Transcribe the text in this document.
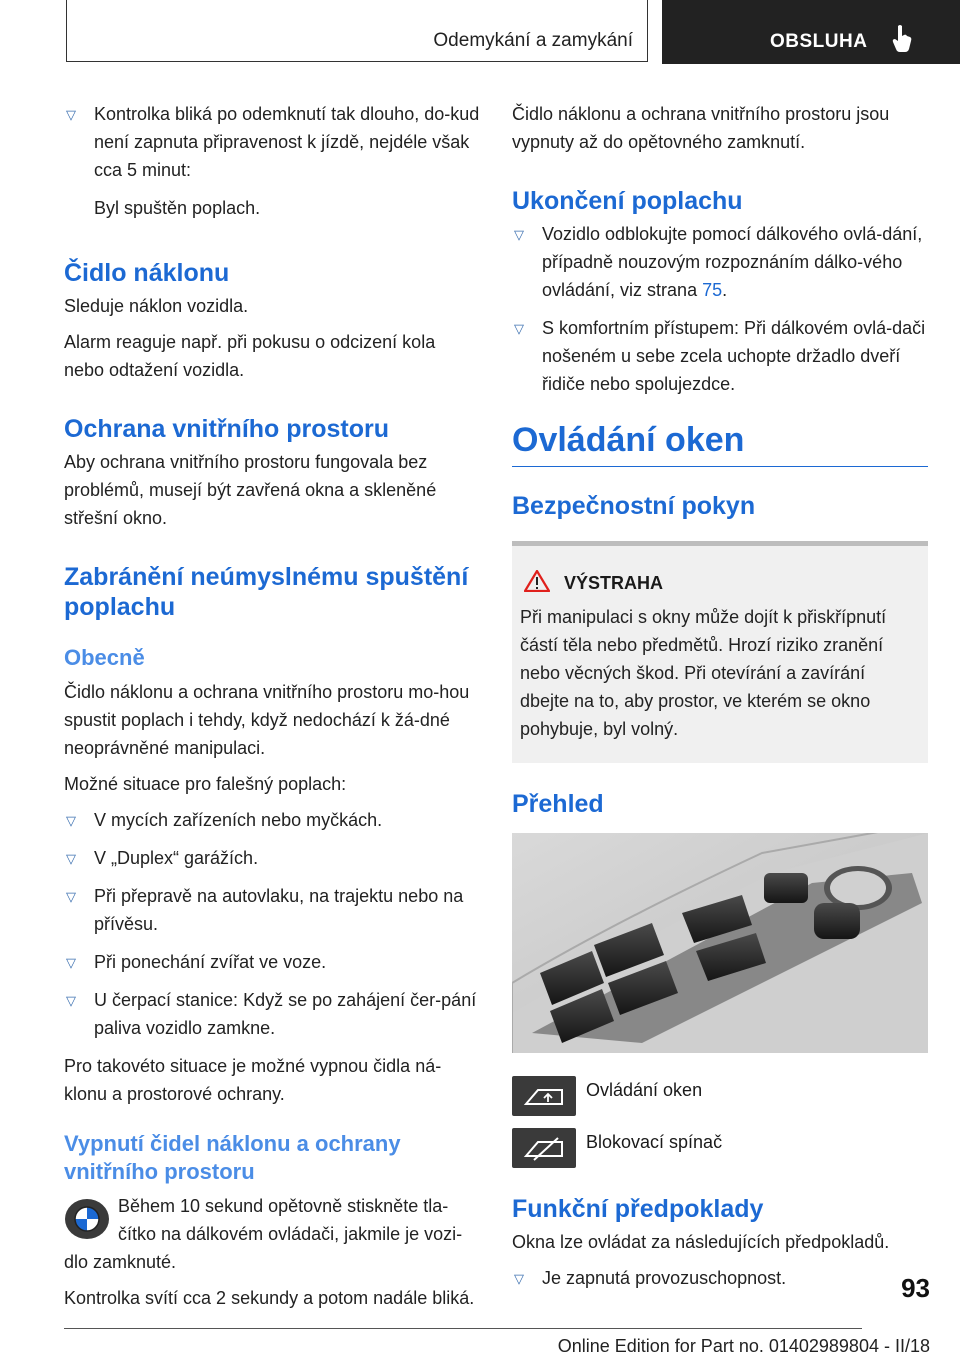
Odemykání a zamykání	OBSLUHA
▽ Kontrolka bliká po odemknutí tak dlouho, do-kud není zapnuta připravenost k jízdě, nejdéle však cca 5 minut:
Byl spuštěn poplach.
Čidlo náklonu
Sleduje náklon vozidla.
Alarm reaguje např. při pokusu o odcizení kola nebo odtažení vozidla.
Ochrana vnitřního prostoru
Aby ochrana vnitřního prostoru fungovala bez problémů, musejí být zavřená okna a skleněné střešní okno.
Zabránění neúmyslnému spuštění poplachu
Obecně
Čidlo náklonu a ochrana vnitřního prostoru mo-hou spustit poplach i tehdy, když nedochází k žá-dné neoprávněné manipulaci.
Možné situace pro falešný poplach:
▽ V mycích zařízeních nebo myčkách.
▽ V „Duplex“ garážích.
▽ Při přepravě na autovlaku, na trajektu nebo na přívěsu.
▽ Při ponechání zvířat ve voze.
▽ U čerpací stanice: Když se po zahájení čer-pání paliva vozidlo zamkne.
Pro takovéto situace je možné vypnou čidla ná-klonu a prostorové ochrany.
Vypnutí čidel náklonu a ochrany vnitřního prostoru
Během 10 sekund opětovně stiskněte tla-čítko na dálkovém ovládači, jakmile je vozi-dlo zamknuté.
Kontrolka svítí cca 2 sekundy a potom nadále bliká.
Čidlo náklonu a ochrana vnitřního prostoru jsou vypnuty až do opětovného zamknutí.
Ukončení poplachu
▽ Vozidlo odblokujte pomocí dálkového ovlá-dání, případně nouzovým rozpoznáním dálko-vého ovládání, viz strana 75.
▽ S komfortním přístupem: Při dálkovém ovlá-dači nošeném u sebe zcela uchopte držadlo dveří řidiče nebo spolujezdce.
Ovládání oken
Bezpečnostní pokyn
VÝSTRAHA
Při manipulaci s okny může dojít k přiskřípnutí částí těla nebo předmětů. Hrozí riziko zranění nebo věcných škod. Při otevírání a zavírání dbejte na to, aby prostor, ve kterém se okno pohybuje, byl volný.
Přehled
Ovládání oken
Blokovací spínač
Funkční předpoklady
Okna lze ovládat za následujících předpokladů.
▽ Je zapnutá provozuschopnost.	93
Online Edition for Part no. 01402989804 - II/18
